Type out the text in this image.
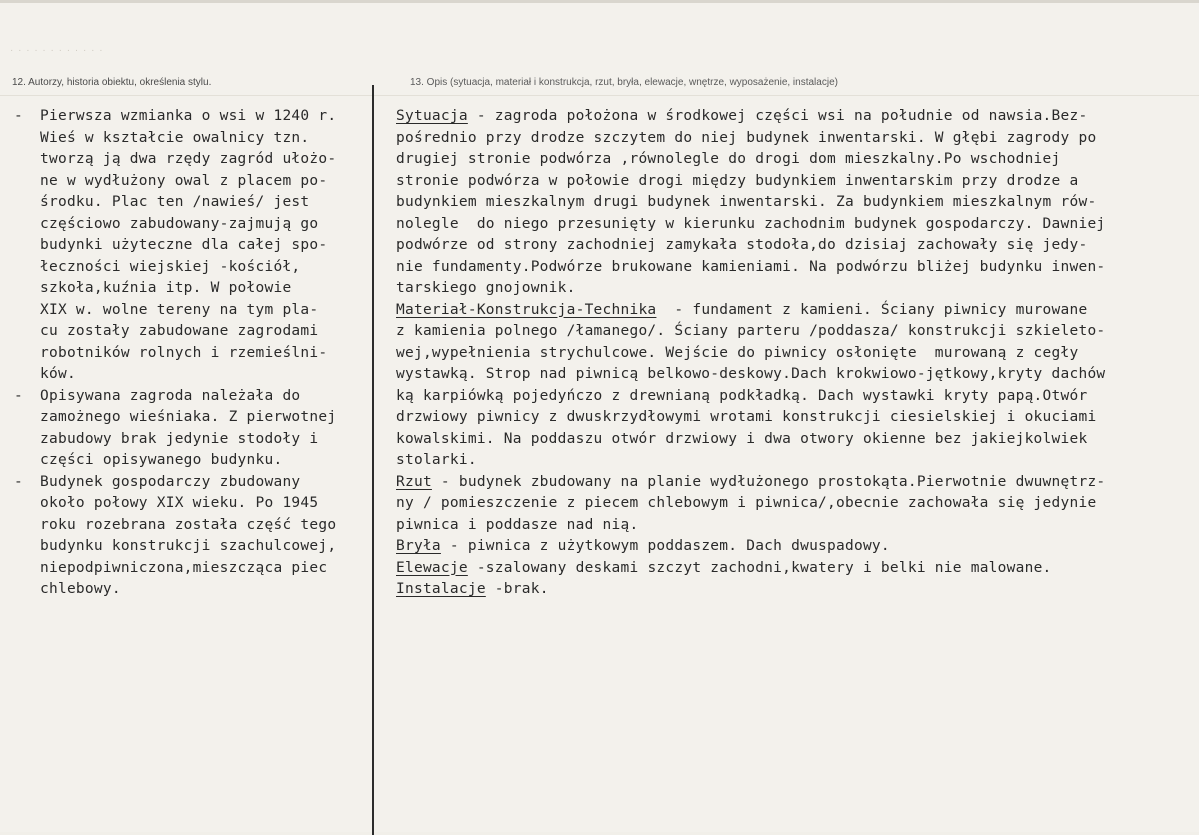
· · · · · · · · · · · ·
12. Autorzy, historia obiektu, określenia stylu.	13. Opis (sytuacja, materiał i konstrukcja, rzut, bryła, elewacje, wnętrze, wyposażenie, instalacje)
- Pierwsza wzmianka o wsi w 1240 r.
Wieś w kształcie owalnicy tzn.
tworzą ją dwa rzędy zagród ułożo-
ne w wydłużony owal z placem po-
środku. Plac ten /nawieś/ jest
częściowo zabudowany-zajmują go
budynki użyteczne dla całej spo-
łeczności wiejskiej -kościół,
szkoła,kuźnia itp. W połowie
XIX w. wolne tereny na tym pla-
cu zostały zabudowane zagrodami
robotników rolnych i rzemieślni-
ków.
- Opisywana zagroda należała do
zamożnego wieśniaka. Z pierwotnej
zabudowy brak jedynie stodoły i
części opisywanego budynku.
- Budynek gospodarczy zbudowany
około połowy XIX wieku. Po 1945
roku rozebrana została część tego
budynku konstrukcji szachulcowej,
niepodpiwniczona,mieszcząca piec
chlebowy.
Sytuacja - zagroda położona w środkowej części wsi na południe od nawsia.Bez-
pośrednio przy drodze szczytem do niej budynek inwentarski. W głębi zagrody po
drugiej stronie podwórza ,równolegle do drogi dom mieszkalny.Po wschodniej
stronie podwórza w połowie drogi między budynkiem inwentarskim przy drodze a
budynkiem mieszkalnym drugi budynek inwentarski. Za budynkiem mieszkalnym rów-
nolegle  do niego przesunięty w kierunku zachodnim budynek gospodarczy. Dawniej
podwórze od strony zachodniej zamykała stodoła,do dzisiaj zachowały się jedy-
nie fundamenty.Podwórze brukowane kamieniami. Na podwórzu bliżej budynku inwen-
tarskiego gnojownik.
Materiał-Konstrukcja-Technika  - fundament z kamieni. Ściany piwnicy murowane
z kamienia polnego /łamanego/. Ściany parteru /poddasza/ konstrukcji szkieleto-
wej,wypełnienia strychulcowe. Wejście do piwnicy osłonięte  murowaną z cegły
wystawką. Strop nad piwnicą belkowo-deskowy.Dach krokwiowo-jętkowy,kryty dachów
ką karpiówką pojedyńczo z drewnianą podkładką. Dach wystawki kryty papą.Otwór
drzwiowy piwnicy z dwuskrzydłowymi wrotami konstrukcji ciesielskiej i okuciami
kowalskimi. Na poddaszu otwór drzwiowy i dwa otwory okienne bez jakiejkolwiek
stolarki.
Rzut - budynek zbudowany na planie wydłużonego prostokąta.Pierwotnie dwuwnętrz-
ny / pomieszczenie z piecem chlebowym i piwnica/,obecnie zachowała się jedynie
piwnica i poddasze nad nią.
Bryła - piwnica z użytkowym poddaszem. Dach dwuspadowy.
Elewacje -szalowany deskami szczyt zachodni,kwatery i belki nie malowane.
Instalacje -brak.
